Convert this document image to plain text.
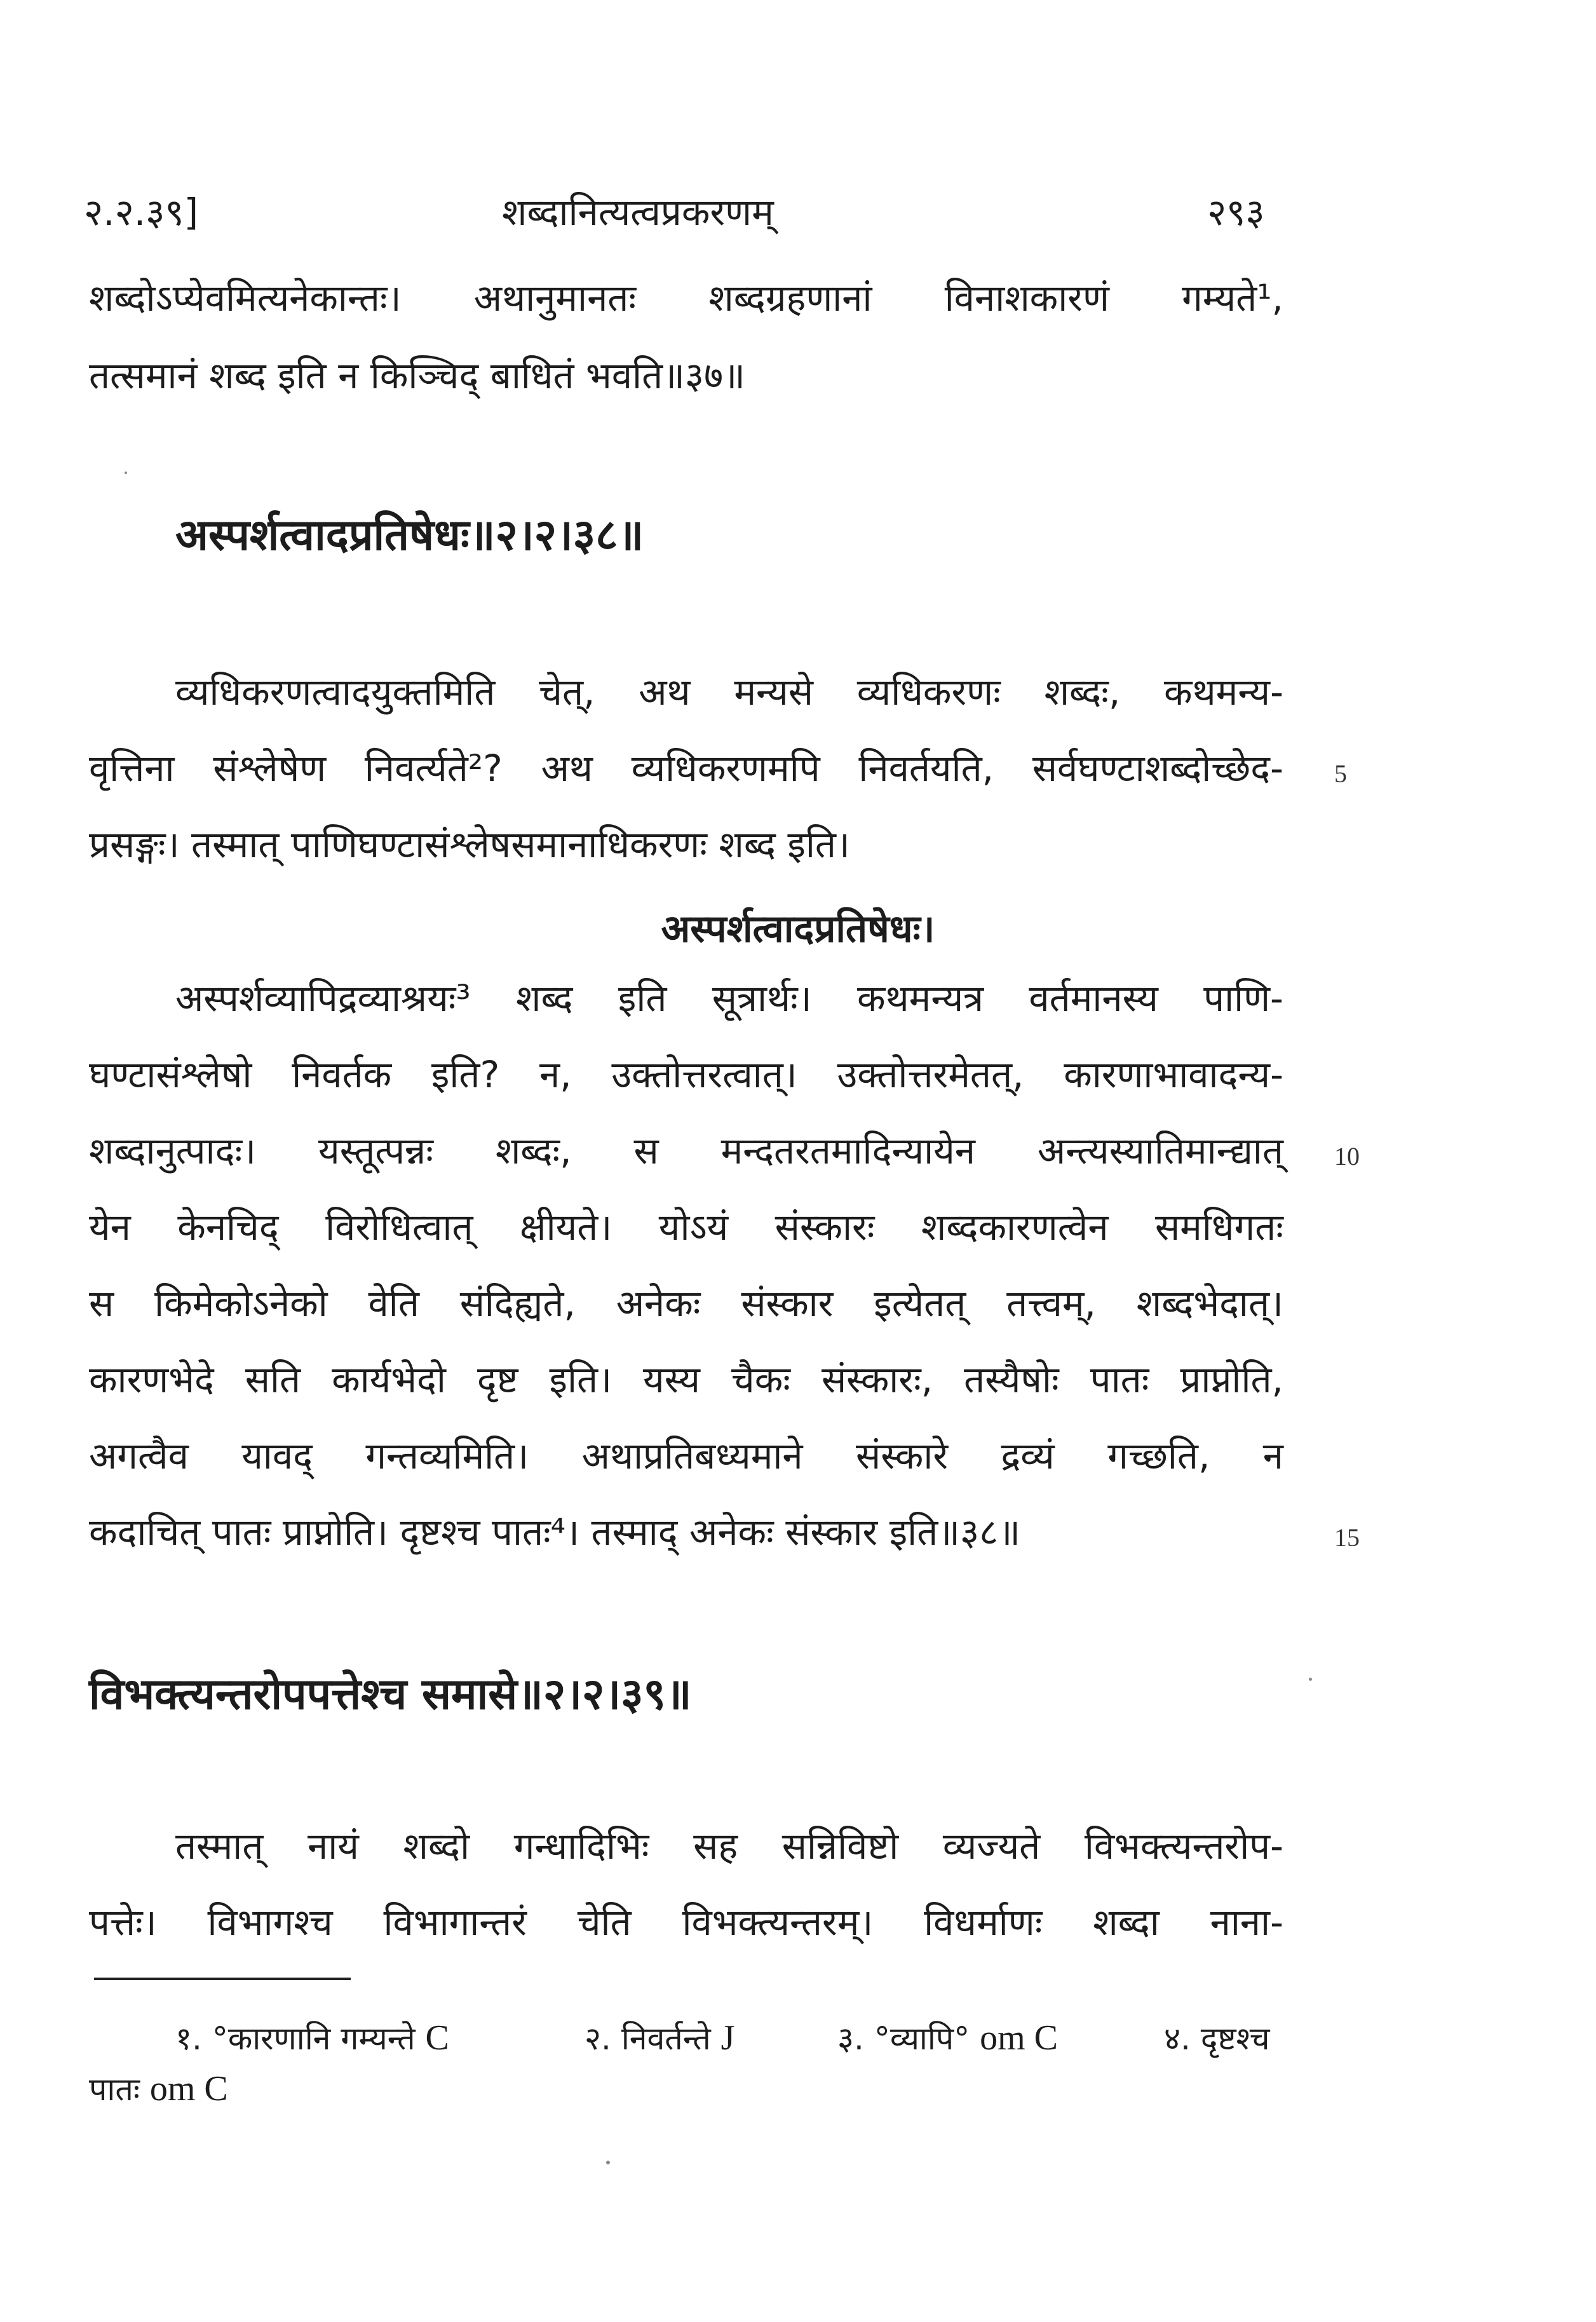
२.२.३९]	शब्दानित्यत्वप्रकरणम्	२९३
शब्दोऽप्येवमित्यनेकान्तः। अथानुमानतः शब्दग्रहणानां विनाशकारणं गम्यते¹,
तत्समानं शब्द इति न किञ्चिद् बाधितं भवति॥३७॥
अस्पर्शत्वादप्रतिषेधः॥२।२।३८॥
व्यधिकरणत्वादयुक्तमिति चेत्, अथ मन्यसे व्यधिकरणः शब्दः, कथमन्य-
वृत्तिना संश्लेषेण निवर्त्यते²? अथ व्यधिकरणमपि निवर्तयति, सर्वघण्टाशब्दोच्छेद- 5
प्रसङ्गः। तस्मात् पाणिघण्टासंश्लेषसमानाधिकरणः शब्द इति।
अस्पर्शत्वादप्रतिषेधः।
अस्पर्शव्यापिद्रव्याश्रयः³ शब्द इति सूत्रार्थः। कथमन्यत्र वर्तमानस्य पाणि-
घण्टासंश्लेषो निवर्तक इति? न, उक्तोत्तरत्वात्। उक्तोत्तरमेतत्, कारणाभावादन्य-
शब्दानुत्पादः। यस्तूत्पन्नः शब्दः, स मन्दतरतमादिन्यायेन अन्त्यस्यातिमान्द्यात् 10
येन केनचिद् विरोधित्वात् क्षीयते। योऽयं संस्कारः शब्दकारणत्वेन समधिगतः
स किमेकोऽनेको वेति संदिह्यते, अनेकः संस्कार इत्येतत् तत्त्वम्, शब्दभेदात्।
कारणभेदे सति कार्यभेदो दृष्ट इति। यस्य चैकः संस्कारः, तस्यैषोः पातः प्राप्नोति,
अगत्वैव यावद् गन्तव्यमिति। अथाप्रतिबध्यमाने संस्कारे द्रव्यं गच्छति, न
कदाचित् पातः प्राप्नोति। दृष्टश्च पातः⁴। तस्माद् अनेकः संस्कार इति॥३८॥	15
विभक्त्यन्तरोपपत्तेश्च समासे॥२।२।३९॥
तस्मात् नायं शब्दो गन्धादिभिः सह सन्निविष्टो व्यज्यते विभक्त्यन्तरोप-
पत्तेः। विभागश्च विभागान्तरं चेति विभक्त्यन्तरम्। विधर्माणः शब्दा नाना-
१. °कारणानि गम्यन्ते C	२. निवर्तन्ते J	३. °व्यापि° om C	४. दृष्टश्च
पातः om C
